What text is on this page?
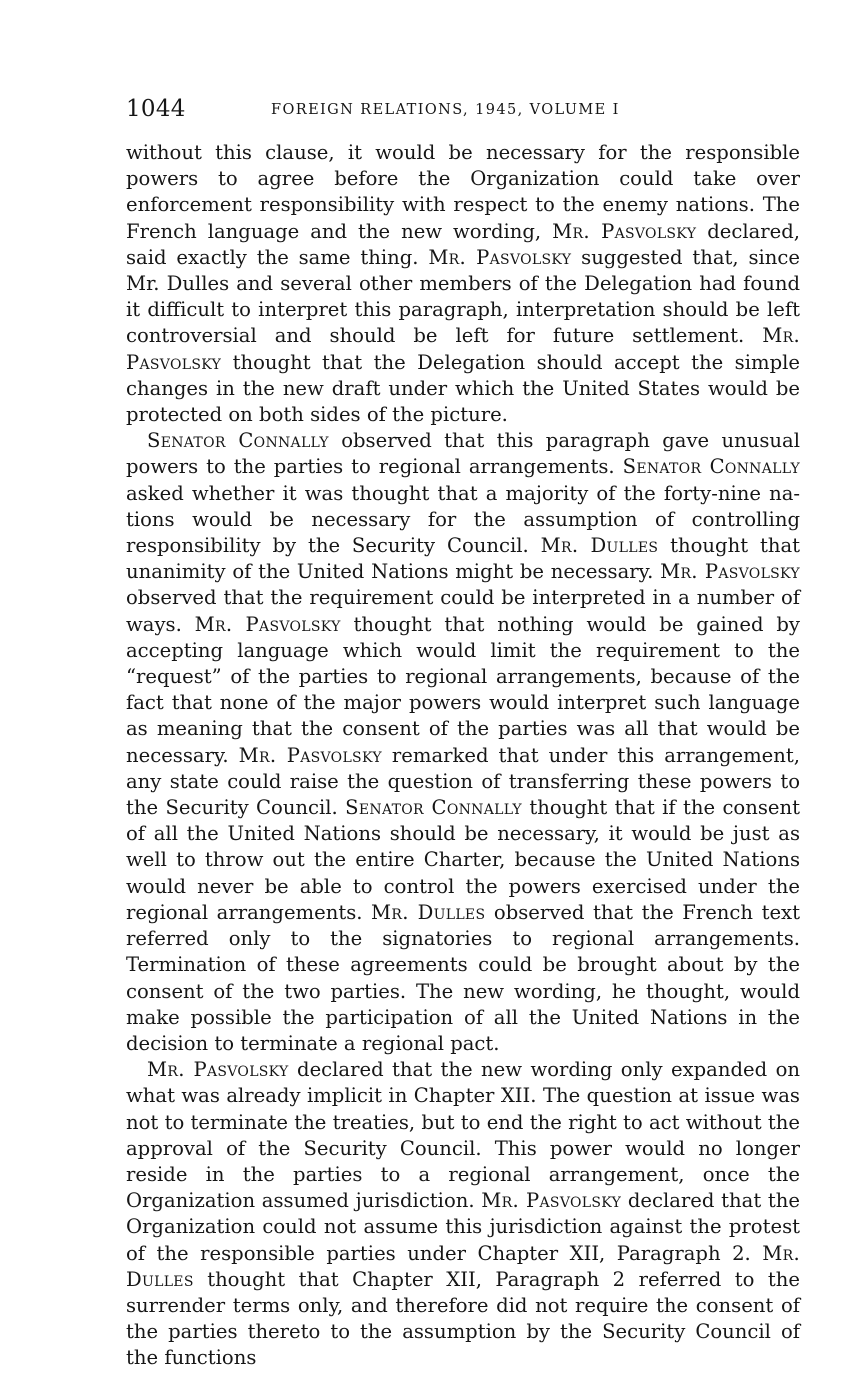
1044	FOREIGN RELATIONS, 1945, VOLUME I

without this clause, it would be necessary for the responsible powers to agree before the Organization could take over enforcement responsibility with respect to the enemy nations. The French language and the new wording, Mr. Pasvolsky declared, said exactly the same thing. Mr. Pasvolsky suggested that, since Mr. Dulles and several other members of the Delegation had found it difficult to interpret this paragraph, interpretation should be left controversial and should be left for future settlement. Mr. Pasvolsky thought that the Delegation should accept the simple changes in the new draft under which the United States would be protected on both sides of the picture.

Senator Connally observed that this paragraph gave unusual powers to the parties to regional arrangements. Senator Connally asked whether it was thought that a majority of the forty-nine nations would be necessary for the assumption of controlling responsibility by the Security Council. Mr. Dulles thought that unanimity of the United Nations might be necessary. Mr. Pasvolsky observed that the requirement could be interpreted in a number of ways. Mr. Pasvolsky thought that nothing would be gained by accepting language which would limit the requirement to the “request” of the parties to regional arrangements, because of the fact that none of the major powers would interpret such language as meaning that the consent of the parties was all that would be necessary. Mr. Pasvolsky remarked that under this arrangement, any state could raise the question of transferring these powers to the Security Council. Senator Connally thought that if the consent of all the United Nations should be necessary, it would be just as well to throw out the entire Charter, because the United Nations would never be able to control the powers exercised under the regional arrangements. Mr. Dulles observed that the French text referred only to the signatories to regional arrangements. Termination of these agreements could be brought about by the consent of the two parties. The new wording, he thought, would make possible the participation of all the United Nations in the decision to terminate a regional pact.

Mr. Pasvolsky declared that the new wording only expanded on what was already implicit in Chapter XII. The question at issue was not to terminate the treaties, but to end the right to act without the approval of the Security Council. This power would no longer reside in the parties to a regional arrangement, once the Organization assumed jurisdiction. Mr. Pasvolsky declared that the Organization could not assume this jurisdiction against the protest of the responsible parties under Chapter XII, Paragraph 2. Mr. Dulles thought that Chapter XII, Paragraph 2 referred to the surrender terms only, and therefore did not require the consent of the parties thereto to the assumption by the Security Council of the functions
